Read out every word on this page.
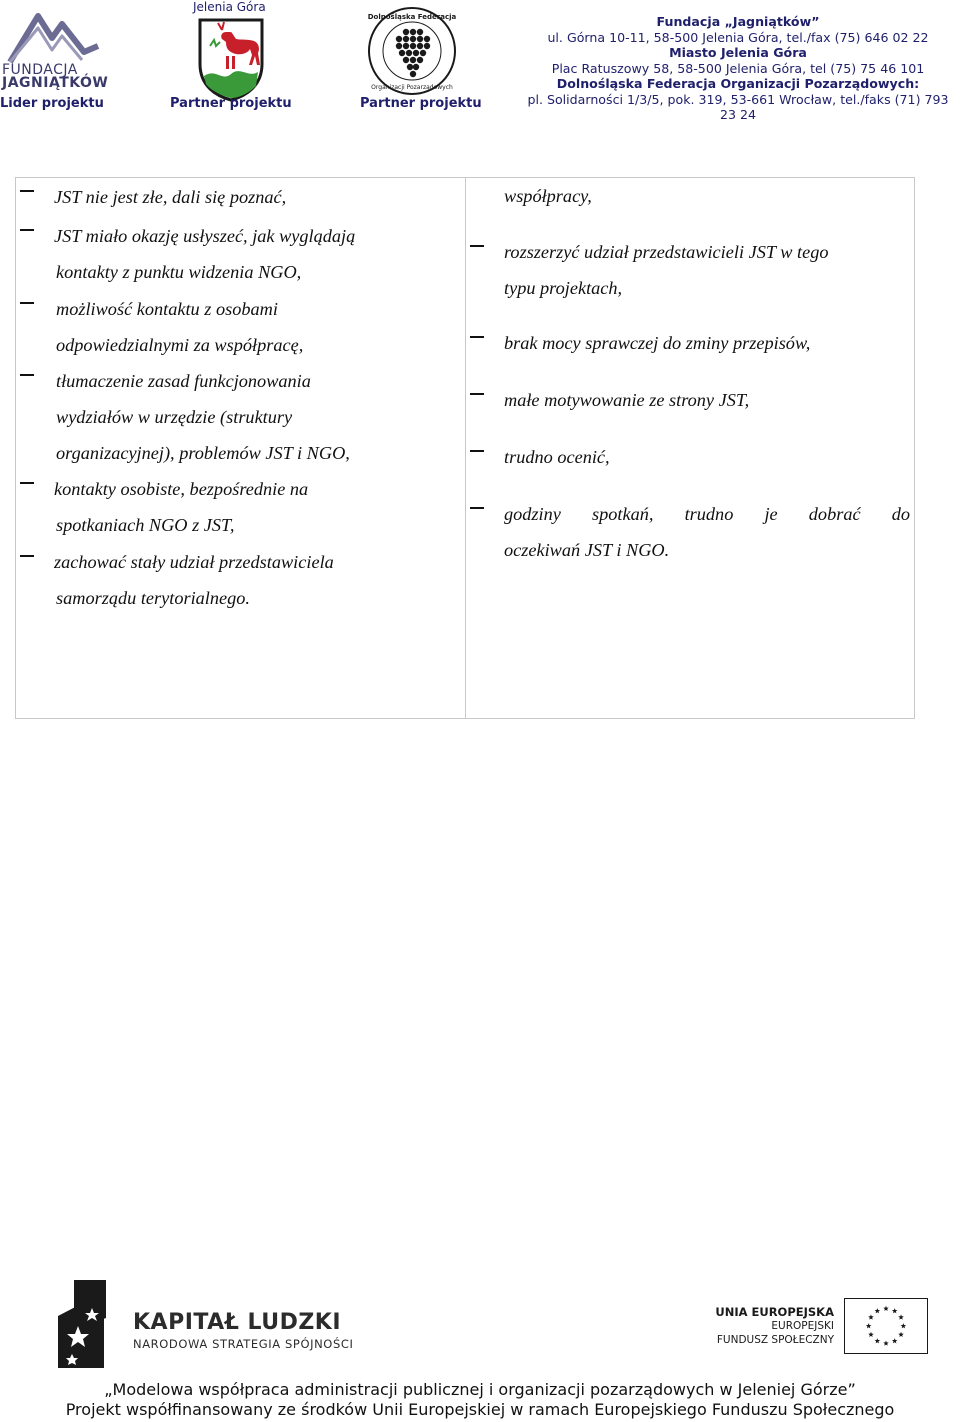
FUNDACJA
JAGNIĄTKÓW
Lider projektu
Jelenia Góra
Partner projektu
Dolnośląska Federacja
Organizacji Pozarządowych
Partner projektu
Fundacja „Jagniątków”
ul. Górna 10-11, 58-500 Jelenia Góra, tel./fax (75) 646 02 22
Miasto Jelenia Góra
Plac Ratuszowy 58, 58-500 Jelenia Góra, tel (75) 75 46 101
Dolnośląska Federacja Organizacji Pozarządowych:
pl. Solidarności 1/3/5, pok. 319, 53-661 Wrocław, tel./faks (71) 793 23 24
JST nie jest złe, dali się poznać,
JST miało okazję usłyszeć, jak wyglądają
kontakty z punktu widzenia NGO,
możliwość kontaktu z osobami
odpowiedzialnymi za współpracę,
tłumaczenie zasad funkcjonowania
wydziałów w urzędzie (struktury
organizacyjnej), problemów JST i NGO,
kontakty osobiste, bezpośrednie na
spotkaniach NGO z JST,
zachować stały udział przedstawiciela
samorządu terytorialnego.
współpracy,
rozszerzyć udział przedstawicieli JST w tego
typu projektach,
brak mocy sprawczej do zminy przepisów,
małe motywowanie ze strony JST,
trudno ocenić,
godziny spotkań, trudno je dobrać do
oczekiwań JST i NGO.
KAPITAŁ LUDZKI
NARODOWA STRATEGIA SPÓJNOŚCI
UNIA EUROPEJSKA
EUROPEJSKI
FUNDUSZ SPOŁECZNY
„Modelowa współpraca administracji publicznej i organizacji pozarządowych w Jeleniej Górze”
Projekt współfinansowany ze środków Unii Europejskiej w ramach Europejskiego Funduszu Społecznego
